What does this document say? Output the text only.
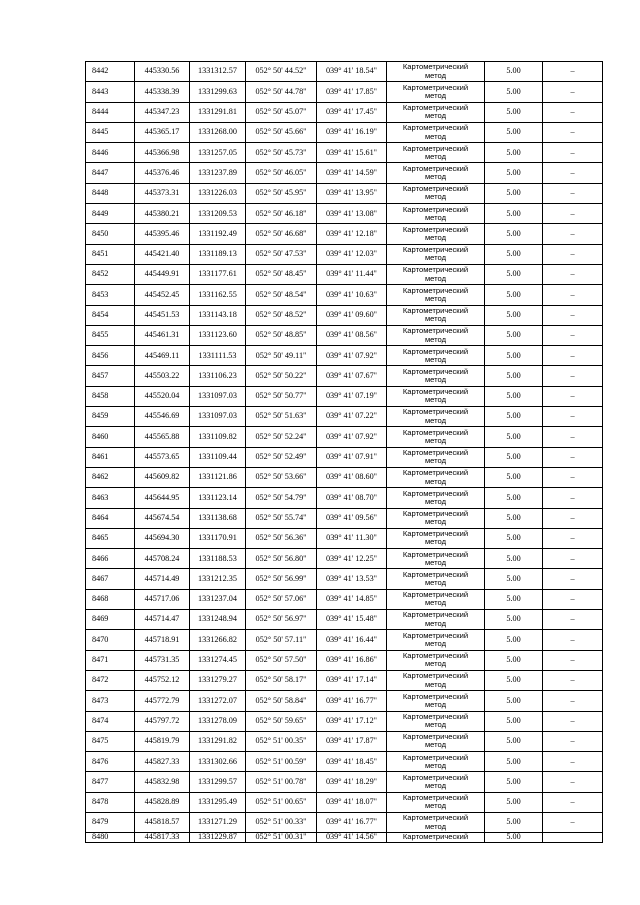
8442	445330.56	1331312.57	052° 50' 44.52"	039° 41' 18.54"	Картометрический
метод	5.00	–
8443	445338.39	1331299.63	052° 50' 44.78"	039° 41' 17.85"	Картометрический
метод	5.00	–
8444	445347.23	1331291.81	052° 50' 45.07"	039° 41' 17.45"	Картометрический
метод	5.00	–
8445	445365.17	1331268.00	052° 50' 45.66"	039° 41' 16.19"	Картометрический
метод	5.00	–
8446	445366.98	1331257.05	052° 50' 45.73"	039° 41' 15.61"	Картометрический
метод	5.00	–
8447	445376.46	1331237.89	052° 50' 46.05"	039° 41' 14.59"	Картометрический
метод	5.00	–
8448	445373.31	1331226.03	052° 50' 45.95"	039° 41' 13.95"	Картометрический
метод	5.00	–
8449	445380.21	1331209.53	052° 50' 46.18"	039° 41' 13.08"	Картометрический
метод	5.00	–
8450	445395.46	1331192.49	052° 50' 46.68"	039° 41' 12.18"	Картометрический
метод	5.00	–
8451	445421.40	1331189.13	052° 50' 47.53"	039° 41' 12.03"	Картометрический
метод	5.00	–
8452	445449.91	1331177.61	052° 50' 48.45"	039° 41' 11.44"	Картометрический
метод	5.00	–
8453	445452.45	1331162.55	052° 50' 48.54"	039° 41' 10.63"	Картометрический
метод	5.00	–
8454	445451.53	1331143.18	052° 50' 48.52"	039° 41' 09.60"	Картометрический
метод	5.00	–
8455	445461.31	1331123.60	052° 50' 48.85"	039° 41' 08.56"	Картометрический
метод	5.00	–
8456	445469.11	1331111.53	052° 50' 49.11"	039° 41' 07.92"	Картометрический
метод	5.00	–
8457	445503.22	1331106.23	052° 50' 50.22"	039° 41' 07.67"	Картометрический
метод	5.00	–
8458	445520.04	1331097.03	052° 50' 50.77"	039° 41' 07.19"	Картометрический
метод	5.00	–
8459	445546.69	1331097.03	052° 50' 51.63"	039° 41' 07.22"	Картометрический
метод	5.00	–
8460	445565.88	1331109.82	052° 50' 52.24"	039° 41' 07.92"	Картометрический
метод	5.00	–
8461	445573.65	1331109.44	052° 50' 52.49"	039° 41' 07.91"	Картометрический
метод	5.00	–
8462	445609.82	1331121.86	052° 50' 53.66"	039° 41' 08.60"	Картометрический
метод	5.00	–
8463	445644.95	1331123.14	052° 50' 54.79"	039° 41' 08.70"	Картометрический
метод	5.00	–
8464	445674.54	1331138.68	052° 50' 55.74"	039° 41' 09.56"	Картометрический
метод	5.00	–
8465	445694.30	1331170.91	052° 50' 56.36"	039° 41' 11.30"	Картометрический
метод	5.00	–
8466	445708.24	1331188.53	052° 50' 56.80"	039° 41' 12.25"	Картометрический
метод	5.00	–
8467	445714.49	1331212.35	052° 50' 56.99"	039° 41' 13.53"	Картометрический
метод	5.00	–
8468	445717.06	1331237.04	052° 50' 57.06"	039° 41' 14.85"	Картометрический
метод	5.00	–
8469	445714.47	1331248.94	052° 50' 56.97"	039° 41' 15.48"	Картометрический
метод	5.00	–
8470	445718.91	1331266.82	052° 50' 57.11"	039° 41' 16.44"	Картометрический
метод	5.00	–
8471	445731.35	1331274.45	052° 50' 57.50"	039° 41' 16.86"	Картометрический
метод	5.00	–
8472	445752.12	1331279.27	052° 50' 58.17"	039° 41' 17.14"	Картометрический
метод	5.00	–
8473	445772.79	1331272.07	052° 50' 58.84"	039° 41' 16.77"	Картометрический
метод	5.00	–
8474	445797.72	1331278.09	052° 50' 59.65"	039° 41' 17.12"	Картометрический
метод	5.00	–
8475	445819.79	1331291.82	052° 51' 00.35"	039° 41' 17.87"	Картометрический
метод	5.00	–
8476	445827.33	1331302.66	052° 51' 00.59"	039° 41' 18.45"	Картометрический
метод	5.00	–
8477	445832.98	1331299.57	052° 51' 00.78"	039° 41' 18.29"	Картометрический
метод	5.00	–
8478	445828.89	1331295.49	052° 51' 00.65"	039° 41' 18.07"	Картометрический
метод	5.00	–
8479	445818.57	1331271.29	052° 51' 00.33"	039° 41' 16.77"	Картометрический
метод	5.00	–
8480	445817.33	1331229.87	052° 51' 00.31"	039° 41' 14.56"	Картометрический	5.00	
